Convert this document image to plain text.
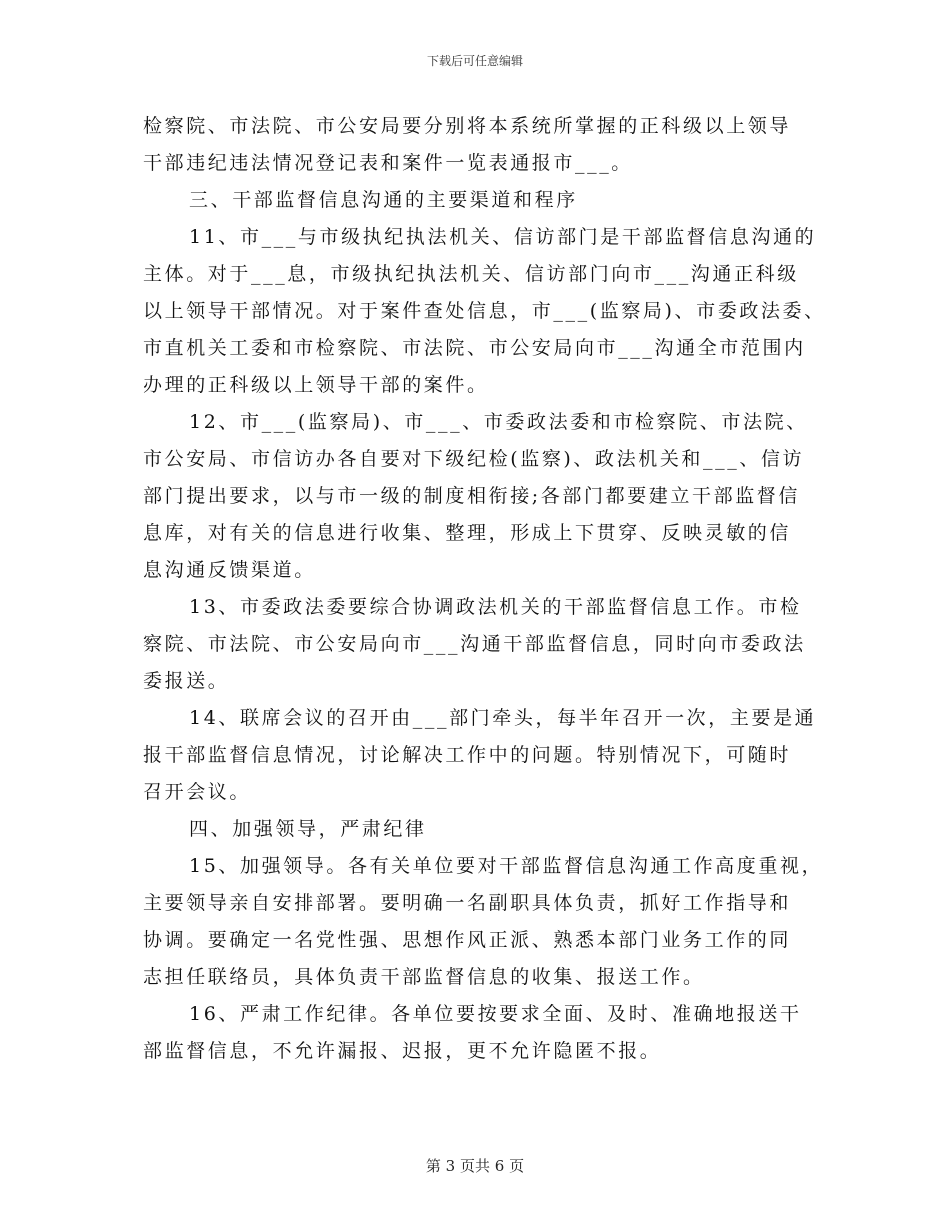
下载后可任意编辑
检察院、市法院、市公安局要分别将本系统所掌握的正科级以上领导
干部违纪违法情况登记表和案件一览表通报市___。
三、干部监督信息沟通的主要渠道和程序
11、市___与市级执纪执法机关、信访部门是干部监督信息沟通的
主体。对于___息，市级执纪执法机关、信访部门向市___沟通正科级
以上领导干部情况。对于案件查处信息，市___(监察局)、市委政法委、
市直机关工委和市检察院、市法院、市公安局向市___沟通全市范围内
办理的正科级以上领导干部的案件。
12、市___(监察局)、市___、市委政法委和市检察院、市法院、
市公安局、市信访办各自要对下级纪检(监察)、政法机关和___、信访
部门提出要求，以与市一级的制度相衔接;各部门都要建立干部监督信
息库，对有关的信息进行收集、整理，形成上下贯穿、反映灵敏的信
息沟通反馈渠道。
13、市委政法委要综合协调政法机关的干部监督信息工作。市检
察院、市法院、市公安局向市___沟通干部监督信息，同时向市委政法
委报送。
14、联席会议的召开由___部门牵头，每半年召开一次，主要是通
报干部监督信息情况，讨论解决工作中的问题。特别情况下，可随时
召开会议。
四、加强领导，严肃纪律
15、加强领导。各有关单位要对干部监督信息沟通工作高度重视，
主要领导亲自安排部署。要明确一名副职具体负责，抓好工作指导和
协调。要确定一名党性强、思想作风正派、熟悉本部门业务工作的同
志担任联络员，具体负责干部监督信息的收集、报送工作。
16、严肃工作纪律。各单位要按要求全面、及时、准确地报送干
部监督信息，不允许漏报、迟报，更不允许隐匿不报。
第 3 页共 6 页
